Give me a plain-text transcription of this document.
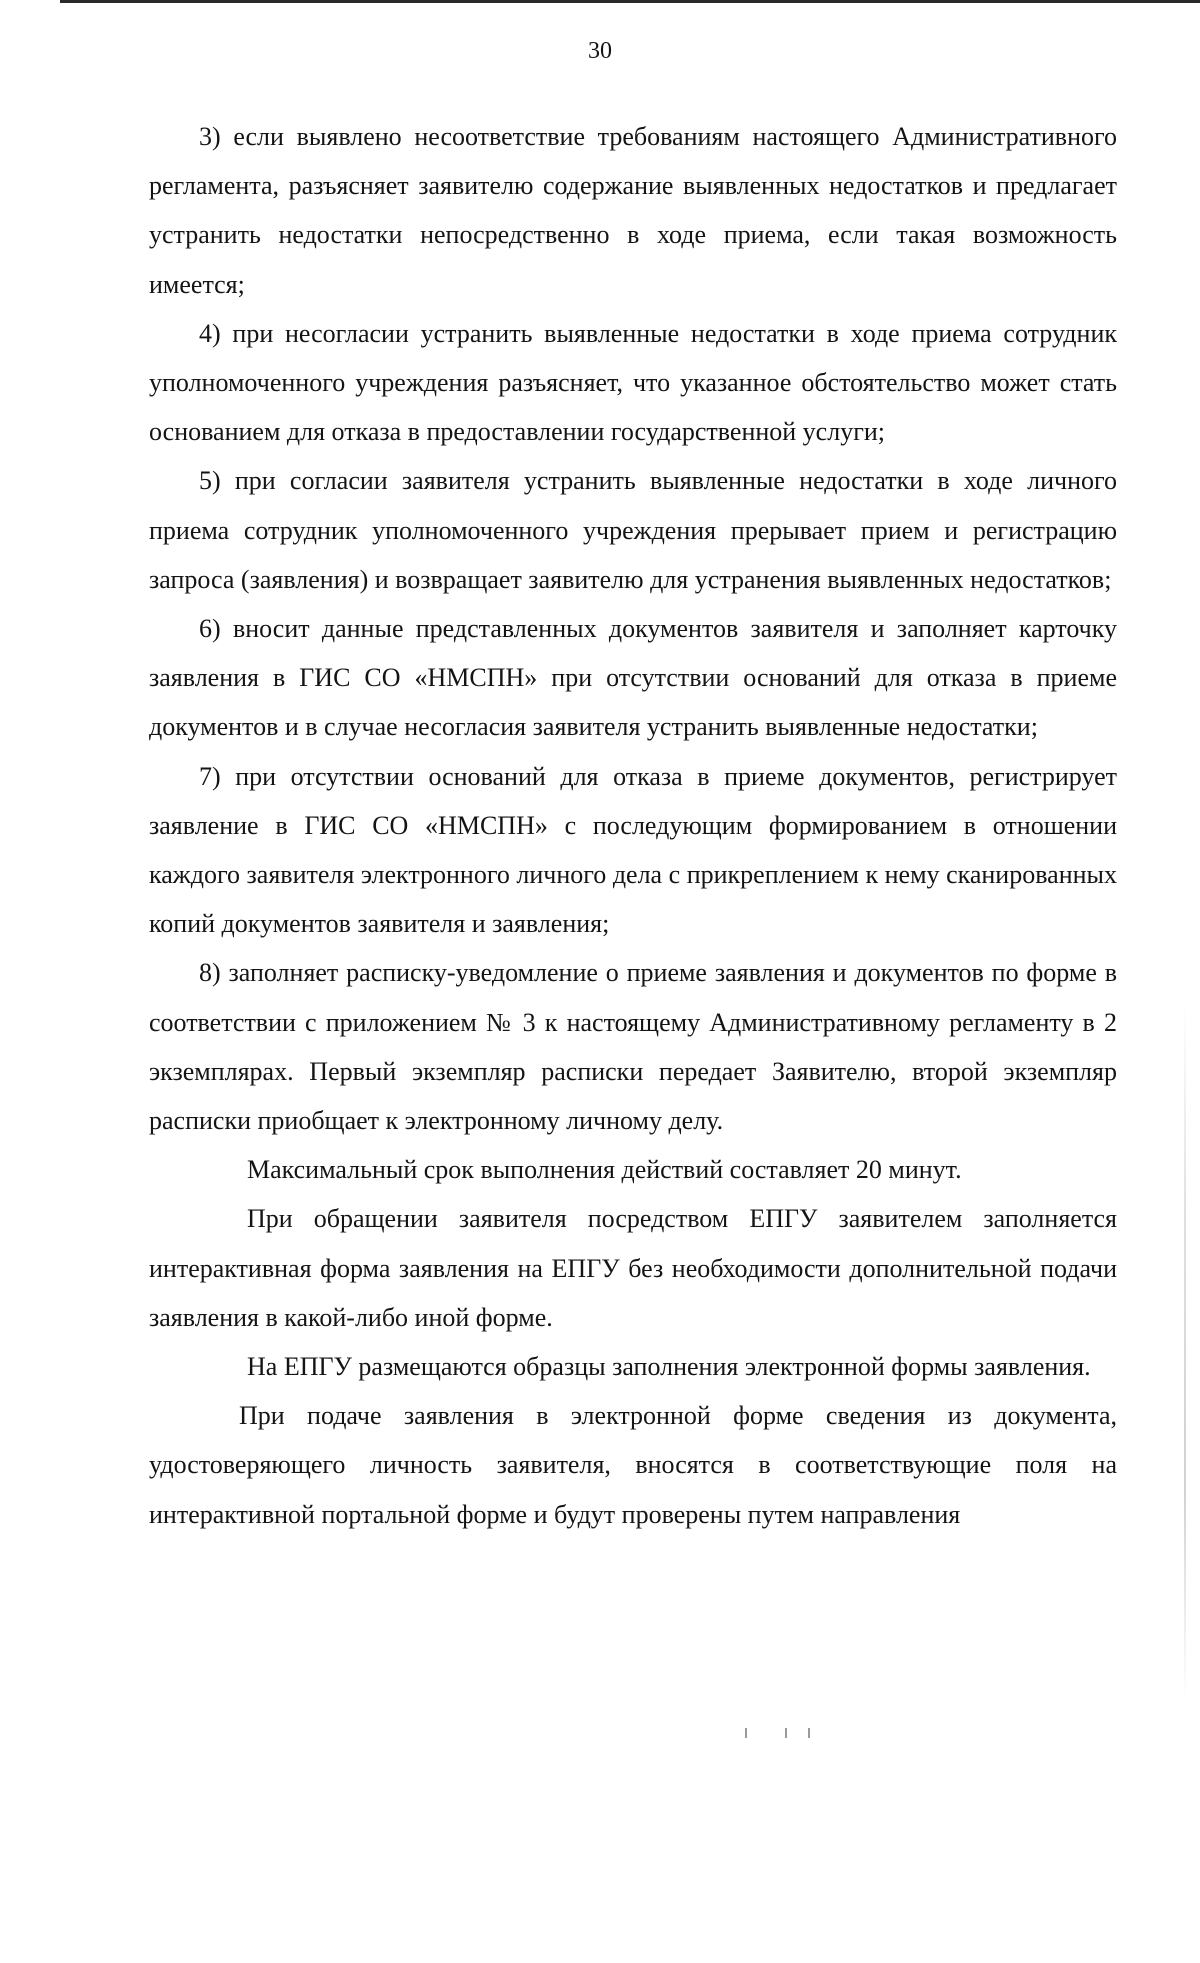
30

3) если выявлено несоответствие требованиям настоящего Административного регламента, разъясняет заявителю содержание выявленных недостатков и предлагает устранить недостатки непосредственно в ходе приема, если такая возможность имеется;

4) при несогласии устранить выявленные недостатки в ходе приема сотрудник уполномоченного учреждения разъясняет, что указанное обстоятельство может стать основанием для отказа в предоставлении государственной услуги;

5) при согласии заявителя устранить выявленные недостатки в ходе личного приема сотрудник уполномоченного учреждения прерывает прием и регистрацию запроса (заявления) и возвращает заявителю для устранения выявленных недостатков;

6) вносит данные представленных документов заявителя и заполняет карточку заявления в ГИС СО «НМСПН» при отсутствии оснований для отказа в приеме документов и в случае несогласия заявителя устранить выявленные недостатки;

7) при отсутствии оснований для отказа в приеме документов, регистрирует заявление в ГИС СО «НМСПН» с последующим формированием в отношении каждого заявителя электронного личного дела с прикреплением к нему сканированных копий документов заявителя и заявления;

8) заполняет расписку-уведомление о приеме заявления и документов по форме в соответствии с приложением № 3 к настоящему Административному регламенту в 2 экземплярах. Первый экземпляр расписки передает Заявителю, второй экземпляр расписки приобщает к электронному личному делу.

Максимальный срок выполнения действий составляет 20 минут.

При обращении заявителя посредством ЕПГУ заявителем заполняется интерактивная форма заявления на ЕПГУ без необходимости дополнительной подачи заявления в какой-либо иной форме.

На ЕПГУ размещаются образцы заполнения электронной формы заявления.

При подаче заявления в электронной форме сведения из документа, удостоверяющего личность заявителя, вносятся в соответствующие поля на интерактивной портальной форме и будут проверены путем направления
